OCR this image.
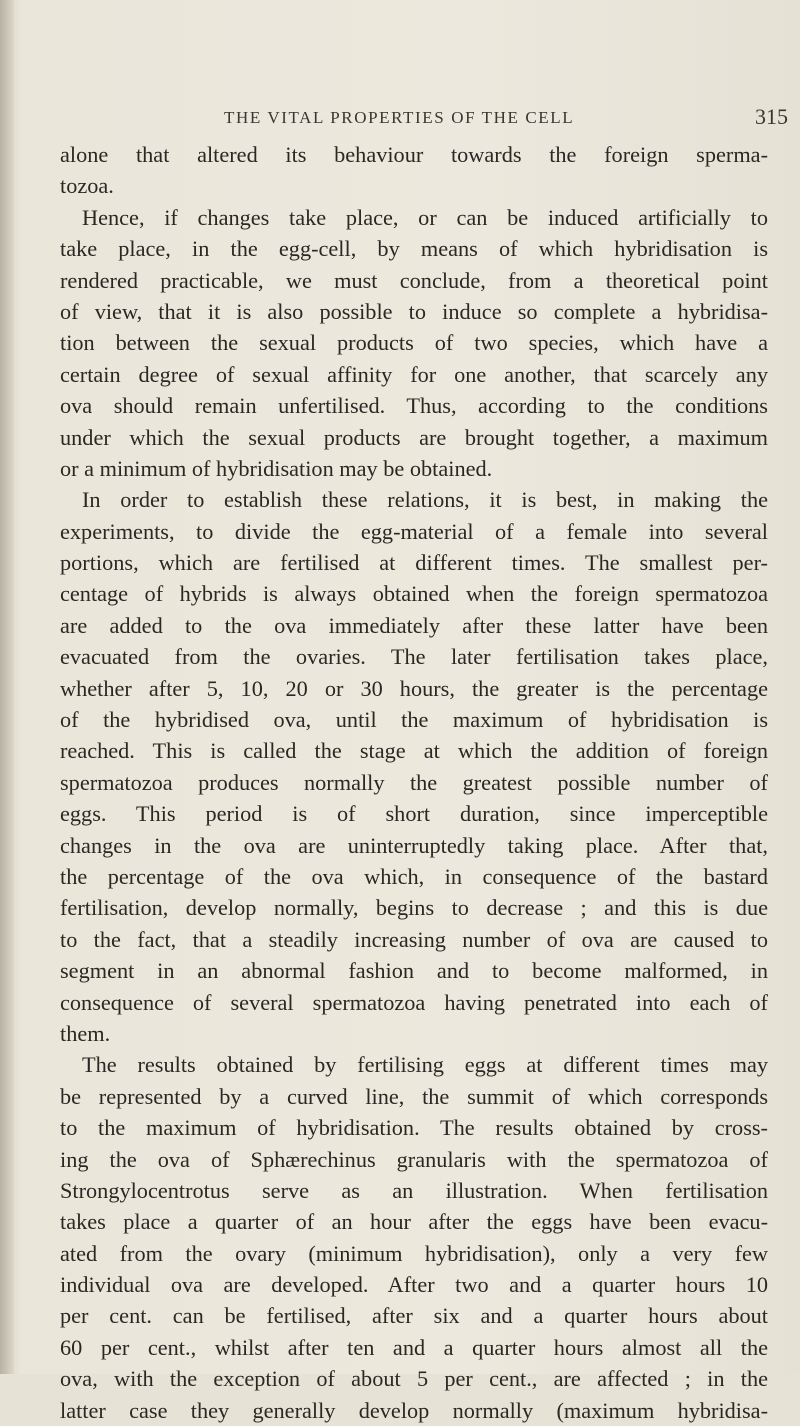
THE VITAL PROPERTIES OF THE CELL	315
alone that altered its behaviour towards the foreign sperma-
tozoa.
Hence, if changes take place, or can be induced artificially to
take place, in the egg-cell, by means of which hybridisation is
rendered practicable, we must conclude, from a theoretical point
of view, that it is also possible to induce so complete a hybridisa-
tion between the sexual products of two species, which have a
certain degree of sexual affinity for one another, that scarcely any
ova should remain unfertilised. Thus, according to the conditions
under which the sexual products are brought together, a maximum
or a minimum of hybridisation may be obtained.
In order to establish these relations, it is best, in making the
experiments, to divide the egg-material of a female into several
portions, which are fertilised at different times. The smallest per-
centage of hybrids is always obtained when the foreign spermatozoa
are added to the ova immediately after these latter have been
evacuated from the ovaries. The later fertilisation takes place,
whether after 5, 10, 20 or 30 hours, the greater is the percentage
of the hybridised ova, until the maximum of hybridisation is
reached. This is called the stage at which the addition of foreign
spermatozoa produces normally the greatest possible number of
eggs. This period is of short duration, since imperceptible
changes in the ova are uninterruptedly taking place. After that,
the percentage of the ova which, in consequence of the bastard
fertilisation, develop normally, begins to decrease ; and this is due
to the fact, that a steadily increasing number of ova are caused to
segment in an abnormal fashion and to become malformed, in
consequence of several spermatozoa having penetrated into each of
them.
The results obtained by fertilising eggs at different times may
be represented by a curved line, the summit of which corresponds
to the maximum of hybridisation. The results obtained by cross-
ing the ova of Sphærechinus granularis with the spermatozoa of
Strongylocentrotus serve as an illustration. When fertilisation
takes place a quarter of an hour after the eggs have been evacu-
ated from the ovary (minimum hybridisation), only a very few
individual ova are developed. After two and a quarter hours 10
per cent. can be fertilised, after six and a quarter hours about
60 per cent., whilst after ten and a quarter hours almost all the
ova, with the exception of about 5 per cent., are affected ; in the
latter case they generally develop normally (maximum hybridisa-
